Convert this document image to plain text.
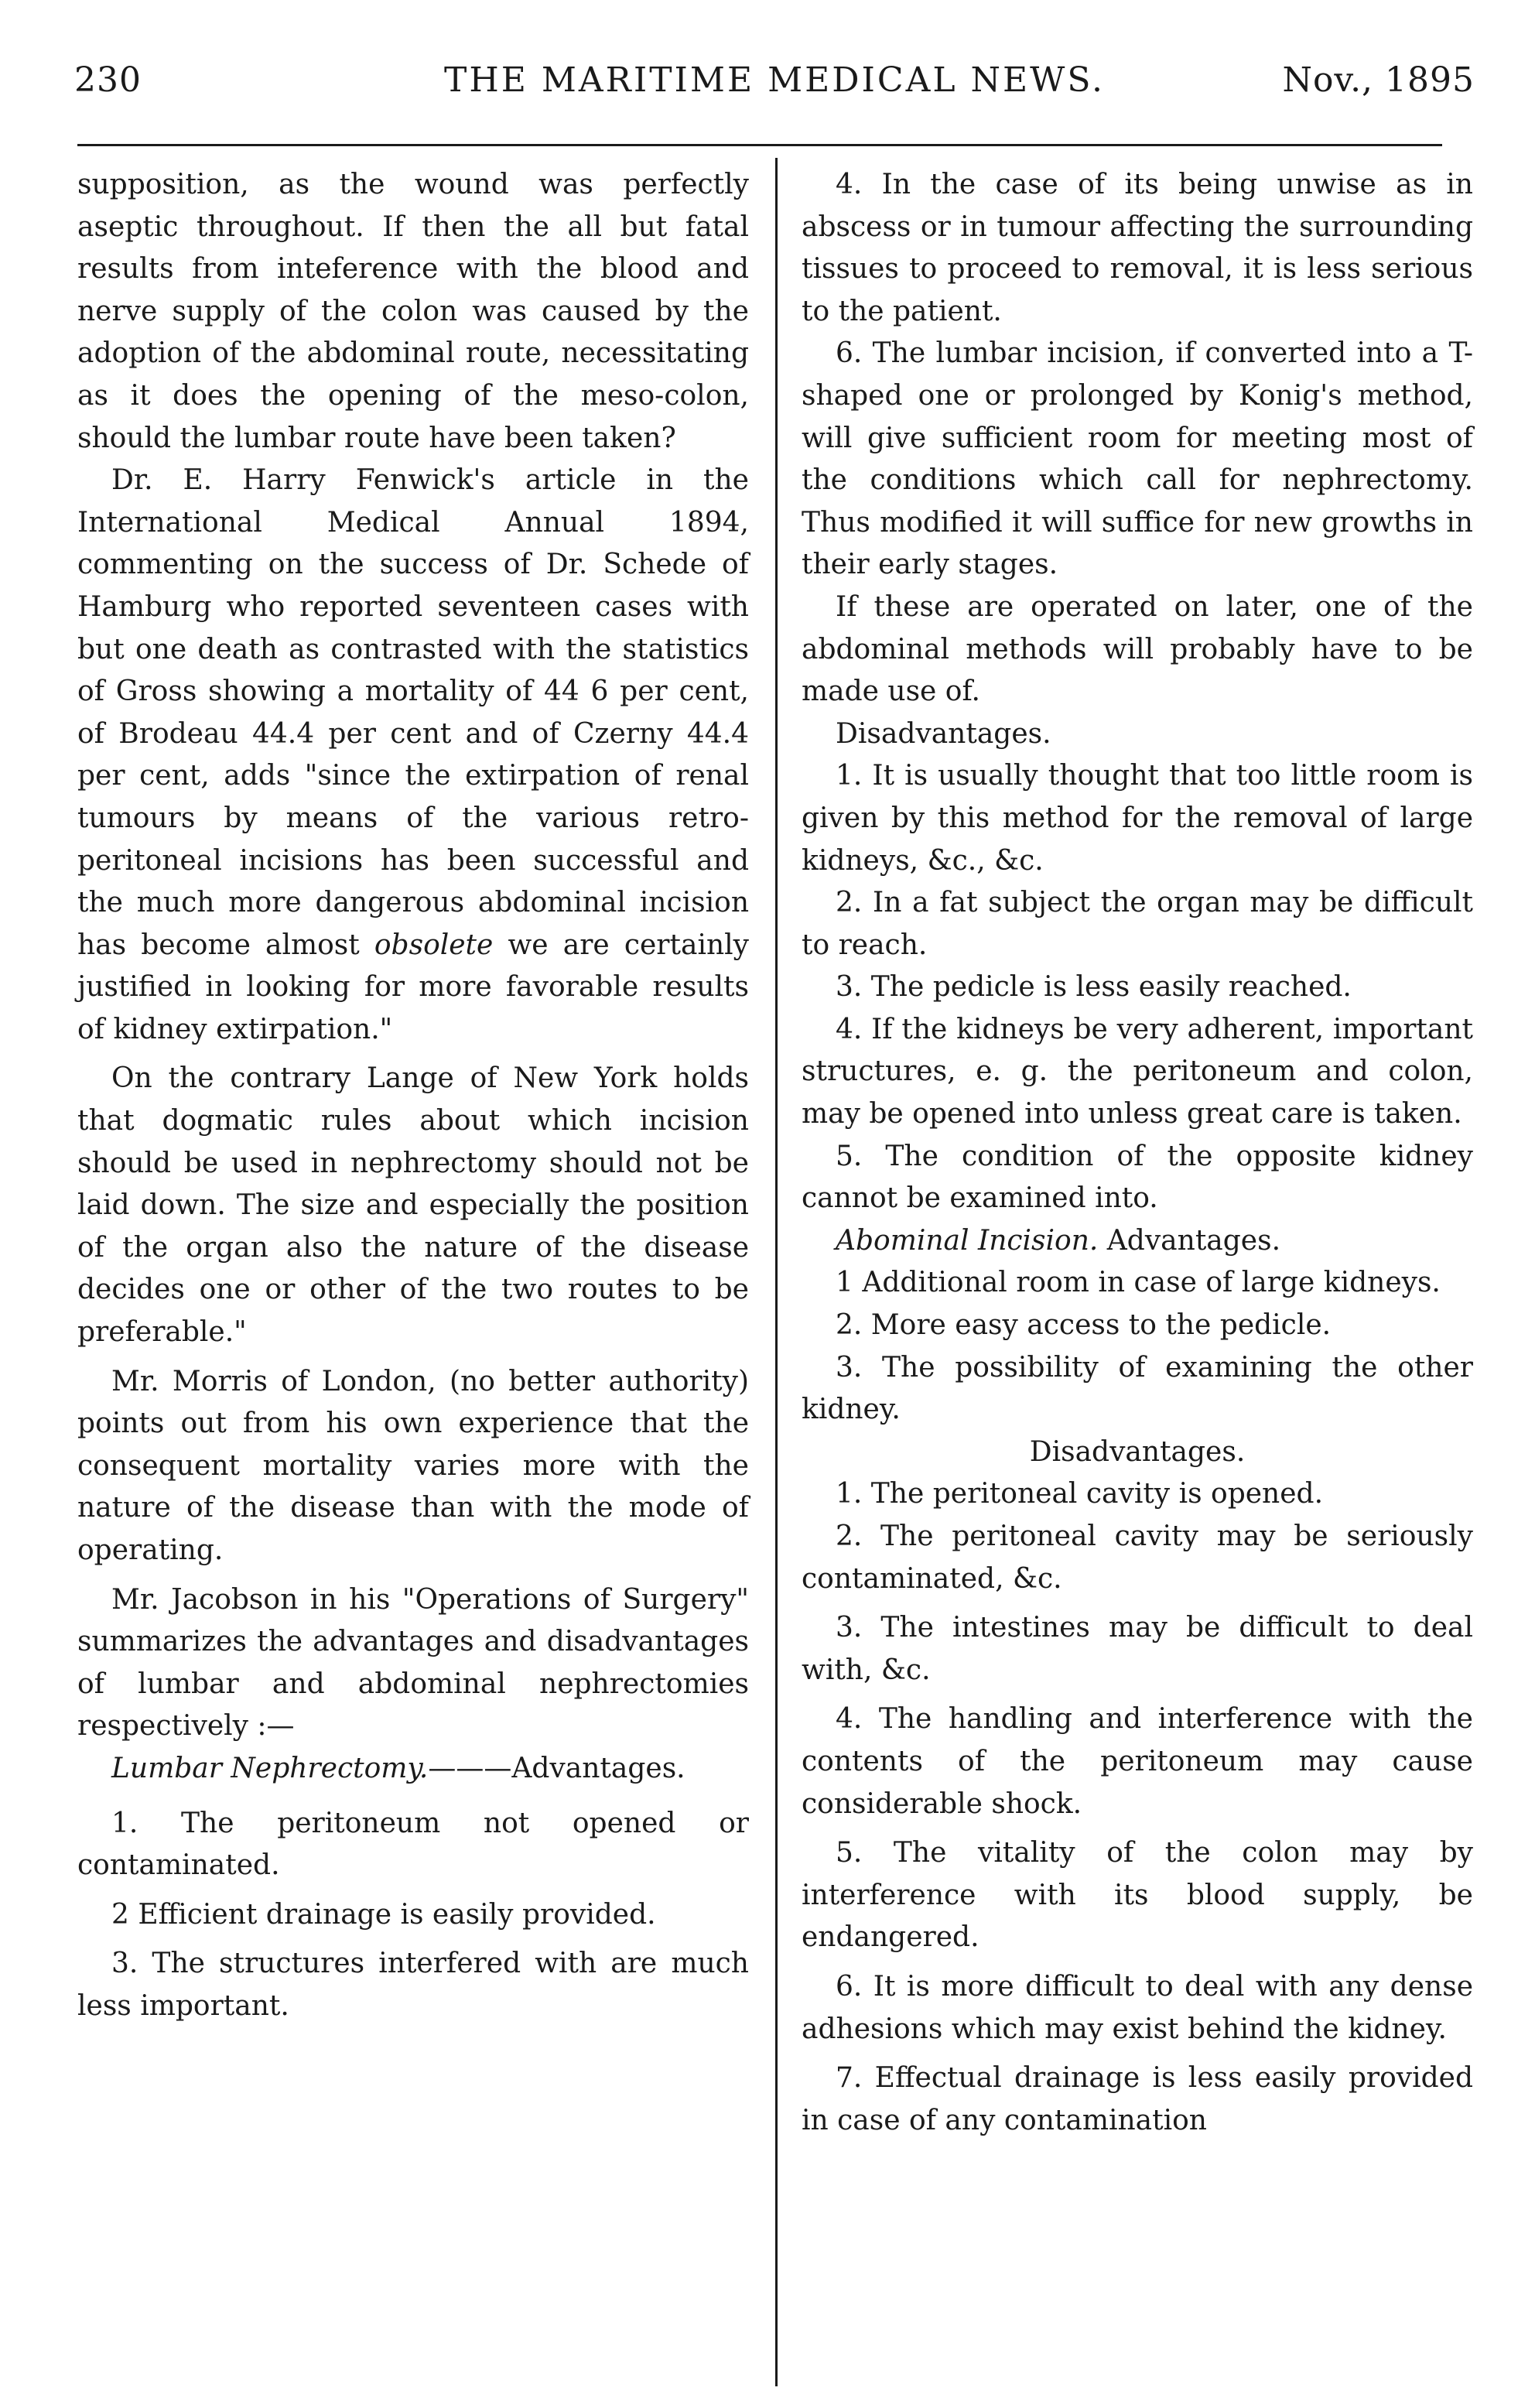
230	THE MARITIME MEDICAL NEWS.	Nov., 1895

supposition, as the wound was perfectly aseptic throughout. If then the all but fatal results from inteference with the blood and nerve supply of the colon was caused by the adoption of the abdominal route, necessitating as it does the opening of the meso-colon, should the lumbar route have been taken?

Dr. E. Harry Fenwick's article in the International Medical Annual 1894, commenting on the success of Dr. Schede of Hamburg who reported seventeen cases with but one death as contrasted with the statistics of Gross showing a mortality of 44 6 per cent, of Brodeau 44.4 per cent and of Czerny 44.4 per cent, adds "since the extirpation of renal tumours by means of the various retro-peritoneal incisions has been successful and the much more dangerous abdominal incision has become almost obsolete we are certainly justified in looking for more favorable results of kidney extirpation."

On the contrary Lange of New York holds that dogmatic rules about which incision should be used in nephrectomy should not be laid down. The size and especially the position of the organ also the nature of the disease decides one or other of the two routes to be preferable."

Mr. Morris of London, (no better authority) points out from his own experience that the consequent mortality varies more with the nature of the disease than with the mode of operating.

Mr. Jacobson in his "Operations of Surgery" summarizes the advantages and disadvantages of lumbar and abdominal nephrectomies respectively :—

Lumbar Nephrectomy.———Advantages.

1. The peritoneum not opened or contaminated.

2 Efficient drainage is easily provided.

3. The structures interfered with are much less important.

4. In the case of its being unwise as in abscess or in tumour affecting the surrounding tissues to proceed to removal, it is less serious to the patient.

6. The lumbar incision, if converted into a T-shaped one or prolonged by Konig's method, will give sufficient room for meeting most of the conditions which call for nephrectomy. Thus modified it will suffice for new growths in their early stages.

If these are operated on later, one of the abdominal methods will probably have to be made use of.

Disadvantages.

1. It is usually thought that too little room is given by this method for the removal of large kidneys, &c., &c.

2. In a fat subject the organ may be difficult to reach.

3. The pedicle is less easily reached.

4. If the kidneys be very adherent, important structures, e. g. the peritoneum and colon, may be opened into unless great care is taken.

5. The condition of the opposite kidney cannot be examined into.

Abominal Incision. Advantages.

1 Additional room in case of large kidneys.

2. More easy access to the pedicle.

3. The possibility of examining the other kidney.

Disadvantages.

1. The peritoneal cavity is opened.

2. The peritoneal cavity may be seriously contaminated, &c.

3. The intestines may be difficult to deal with, &c.

4. The handling and interference with the contents of the peritoneum may cause considerable shock.

5. The vitality of the colon may by interference with its blood supply, be endangered.

6. It is more difficult to deal with any dense adhesions which may exist behind the kidney.

7. Effectual drainage is less easily provided in case of any contamination
